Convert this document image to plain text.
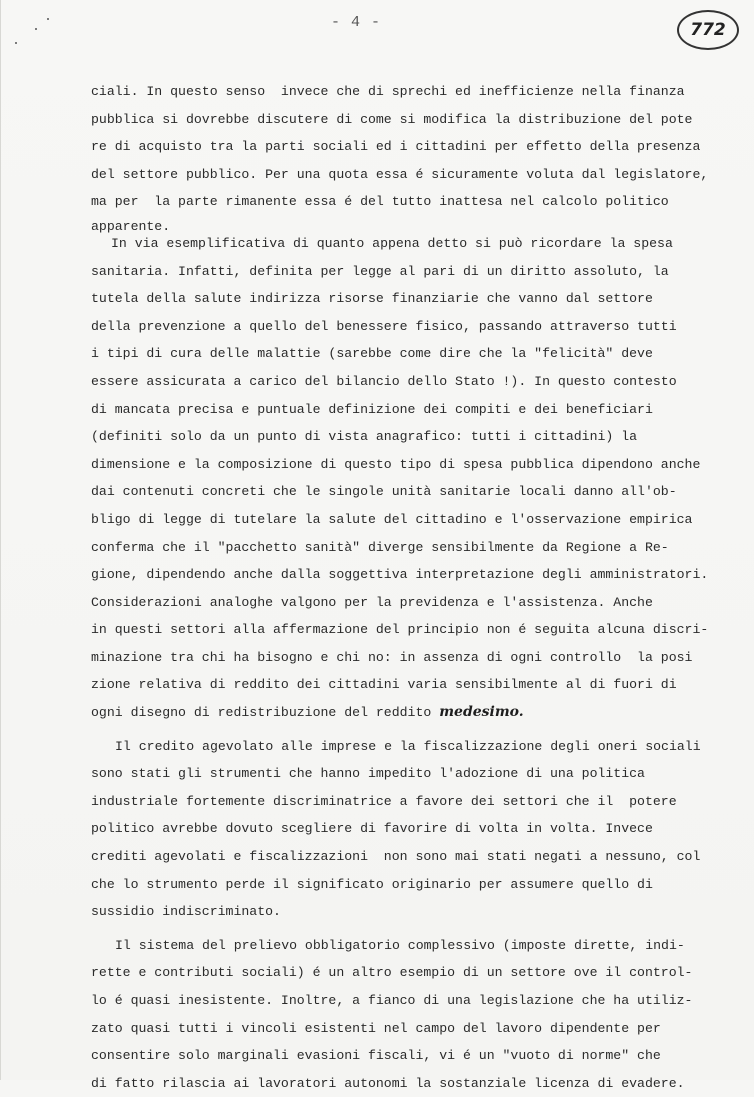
- 4 -	772
ciali. In questo senso  invece che di sprechi ed inefficienze nella finanza
pubblica si dovrebbe discutere di come si modifica la distribuzione del pote
re di acquisto tra la parti sociali ed i cittadini per effetto della presenza
del settore pubblico. Per una quota essa é sicuramente voluta dal legislatore,
ma per  la parte rimanente essa é del tutto inattesa nel calcolo politico
apparente.
In via esemplificativa di quanto appena detto si può ricordare la spesa
sanitaria. Infatti, definita per legge al pari di un diritto assoluto, la
tutela della salute indirizza risorse finanziarie che vanno dal settore
della prevenzione a quello del benessere fisico, passando attraverso tutti
i tipi di cura delle malattie (sarebbe come dire che la "felicità" deve
essere assicurata a carico del bilancio dello Stato !). In questo contesto
di mancata precisa e puntuale definizione dei compiti e dei beneficiari
(definiti solo da un punto di vista anagrafico: tutti i cittadini) la
dimensione e la composizione di questo tipo di spesa pubblica dipendono anche
dai contenuti concreti che le singole unità sanitarie locali danno all'ob-
bligo di legge di tutelare la salute del cittadino e l'osservazione empirica
conferma che il "pacchetto sanità" diverge sensibilmente da Regione a Re-
gione, dipendendo anche dalla soggettiva interpretazione degli amministratori.
Considerazioni analoghe valgono per la previdenza e l'assistenza. Anche
in questi settori alla affermazione del principio non é seguita alcuna discri-
minazione tra chi ha bisogno e chi no: in assenza di ogni controllo  la posi
zione relativa di reddito dei cittadini varia sensibilmente al di fuori di
ogni disegno di redistribuzione del reddito medesimo.
Il credito agevolato alle imprese e la fiscalizzazione degli oneri sociali
sono stati gli strumenti che hanno impedito l'adozione di una politica
industriale fortemente discriminatrice a favore dei settori che il  potere
politico avrebbe dovuto scegliere di favorire di volta in volta. Invece
crediti agevolati e fiscalizzazioni  non sono mai stati negati a nessuno, col
che lo strumento perde il significato originario per assumere quello di
sussidio indiscriminato.
Il sistema del prelievo obbligatorio complessivo (imposte dirette, indi-
rette e contributi sociali) é un altro esempio di un settore ove il control-
lo é quasi inesistente. Inoltre, a fianco di una legislazione che ha utiliz-
zato quasi tutti i vincoli esistenti nel campo del lavoro dipendente per
consentire solo marginali evasioni fiscali, vi é un "vuoto di norme" che
di fatto rilascia ai lavoratori autonomi la sostanziale licenza di evadere.
